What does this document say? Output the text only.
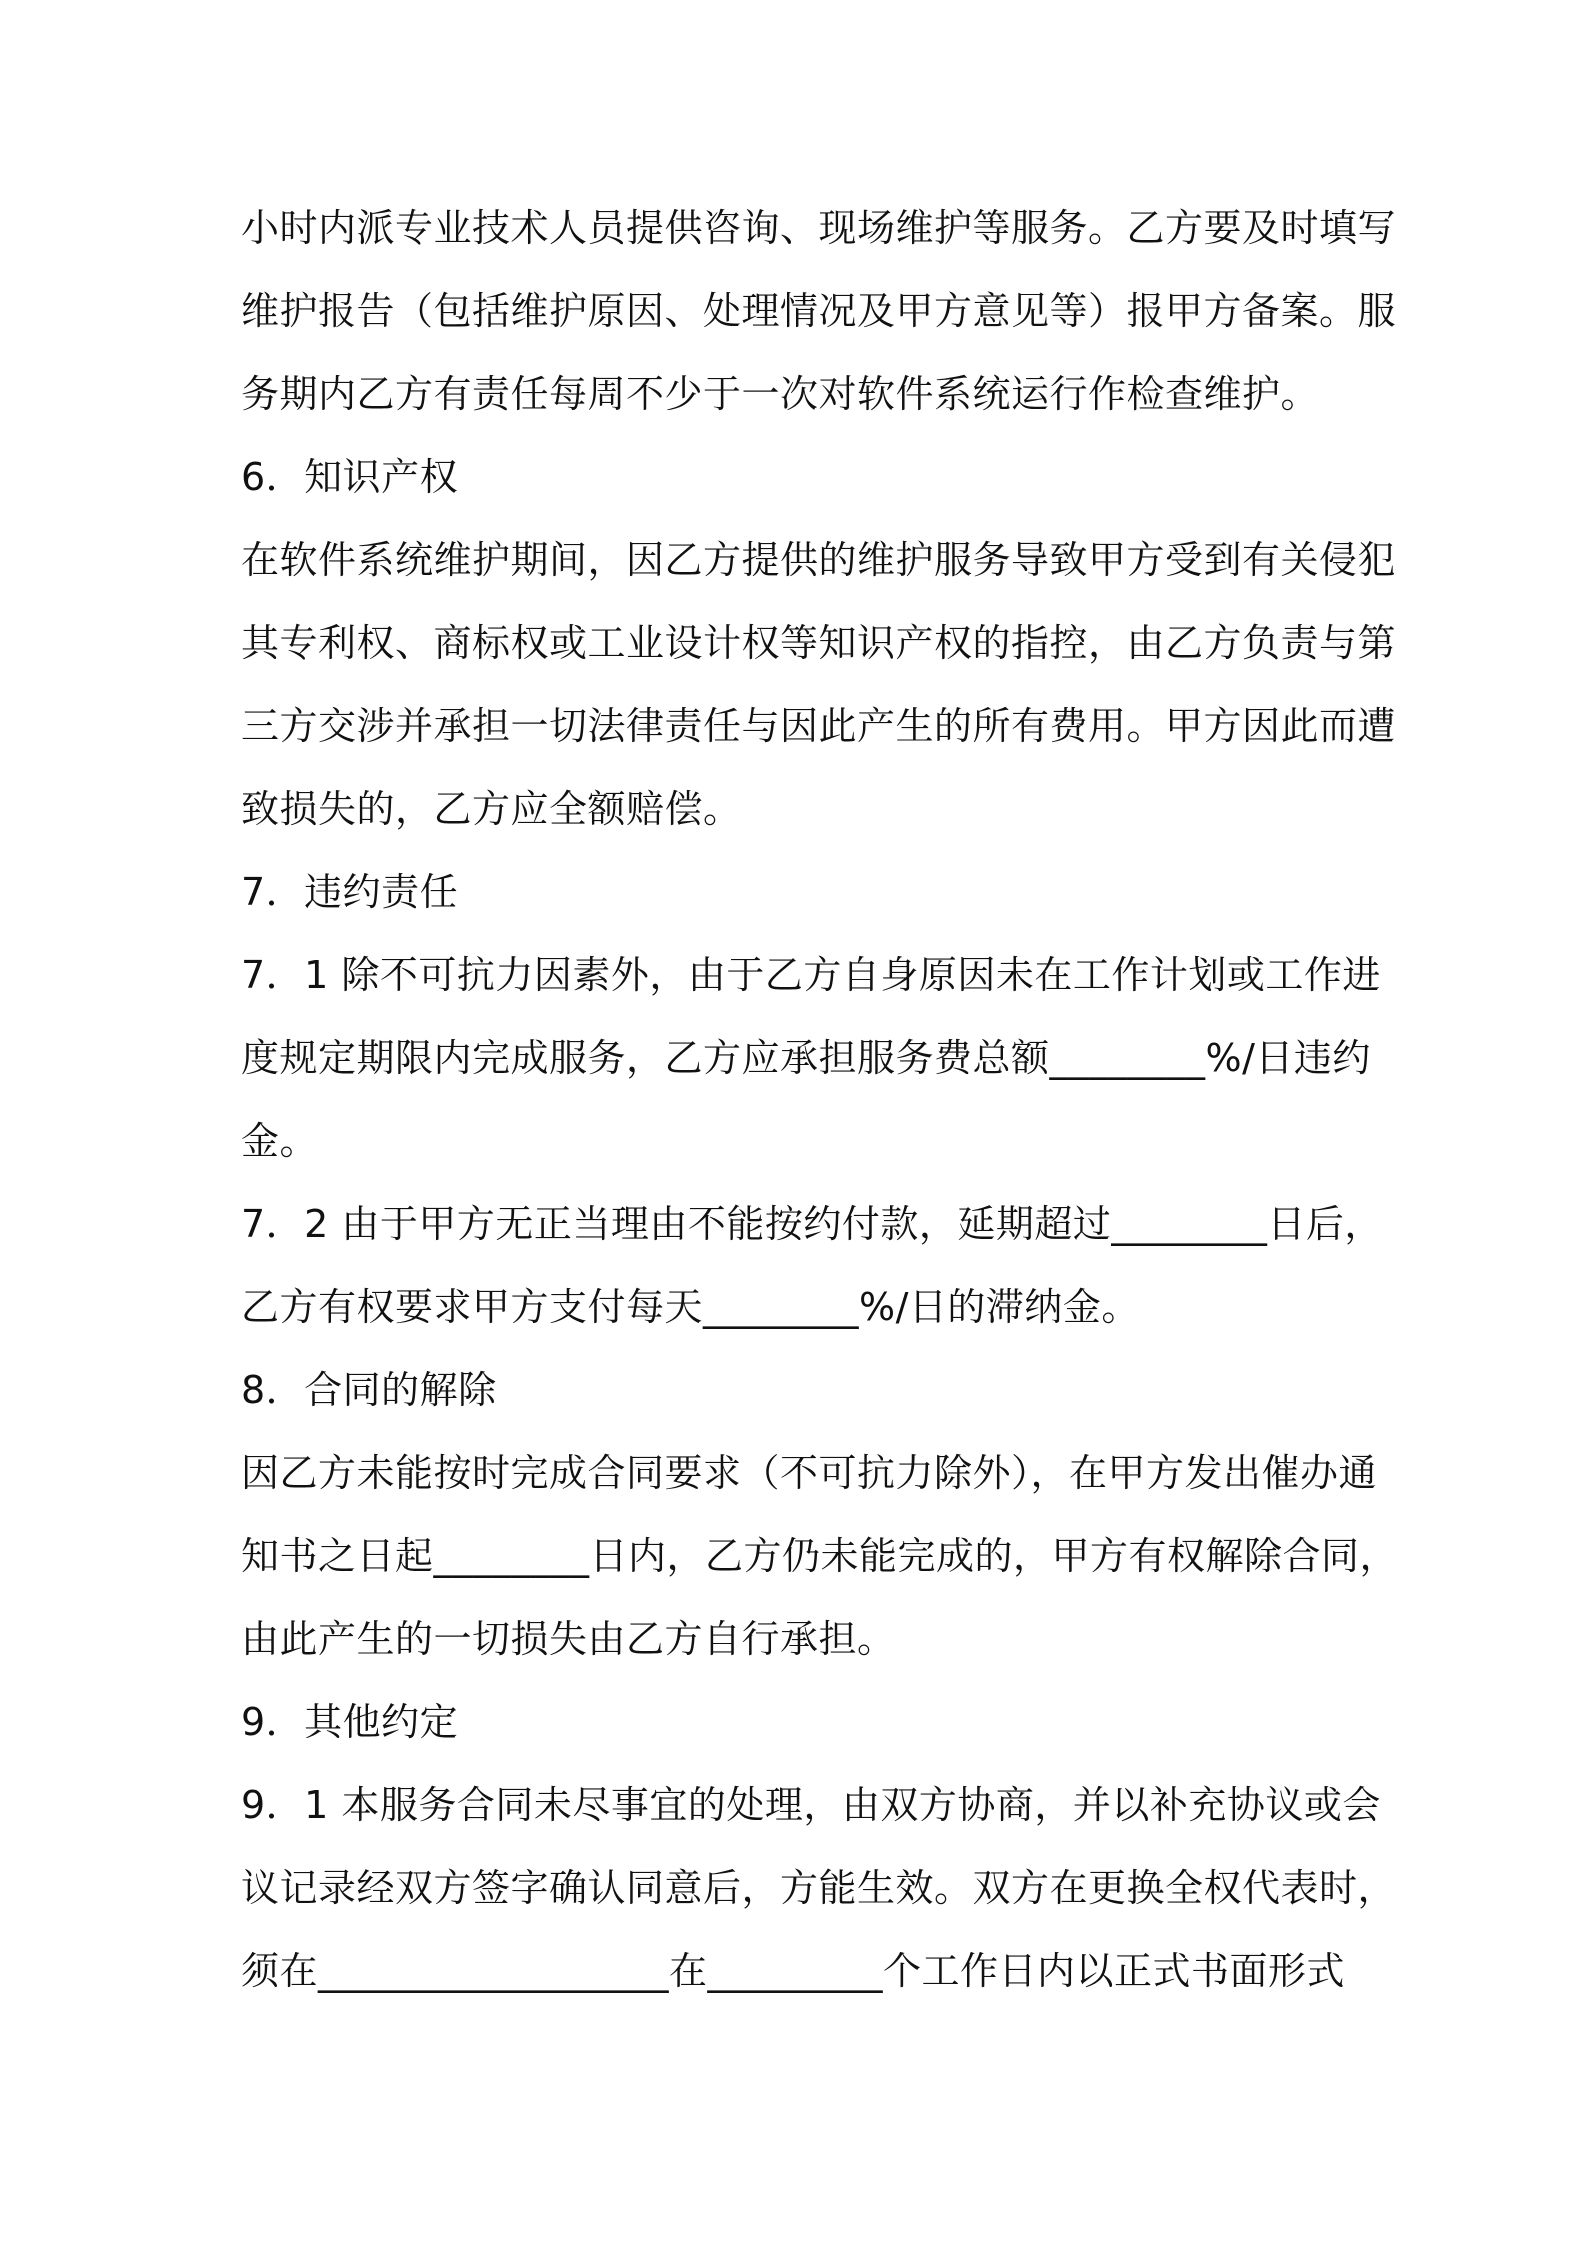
小时内派专业技术人员提供咨询、现场维护等服务。乙方要及时填写
维护报告（包括维护原因、处理情况及甲方意见等）报甲方备案。服
务期内乙方有责任每周不少于一次对软件系统运行作检查维护。
6．知识产权
在软件系统维护期间，因乙方提供的维护服务导致甲方受到有关侵犯
其专利权、商标权或工业设计权等知识产权的指控，由乙方负责与第
三方交涉并承担一切法律责任与因此产生的所有费用。甲方因此而遭
致损失的，乙方应全额赔偿。
7．违约责任
7．1 除不可抗力因素外，由于乙方自身原因未在工作计划或工作进
度规定期限内完成服务，乙方应承担服务费总额________%/日违约
金。
7．2 由于甲方无正当理由不能按约付款，延期超过________日后，
乙方有权要求甲方支付每天________%/日的滞纳金。
8．合同的解除
因乙方未能按时完成合同要求（不可抗力除外），在甲方发出催办通
知书之日起________日内，乙方仍未能完成的，甲方有权解除合同，
由此产生的一切损失由乙方自行承担。
9．其他约定
9．1 本服务合同未尽事宜的处理，由双方协商，并以补充协议或会
议记录经双方签字确认同意后，方能生效。双方在更换全权代表时，
须在__________________在_________个工作日内以正式书面形式
